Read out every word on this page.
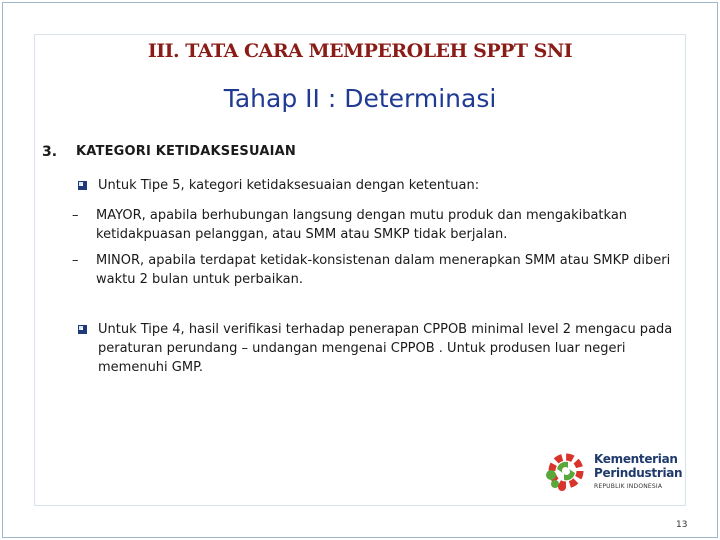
III. TATA CARA MEMPEROLEH SPPT SNI
Tahap II : Determinasi
3. KATEGORI KETIDAKSESUAIAN
Untuk Tipe 5, kategori ketidaksesuaian dengan ketentuan:
–	MAYOR, apabila berhubungan langsung dengan mutu produk dan mengakibatkan ketidakpuasan pelanggan, atau SMM atau SMKP tidak berjalan.
–	MINOR, apabila terdapat ketidak-konsistenan dalam menerapkan SMM atau SMKP diberi waktu 2 bulan untuk perbaikan.
Untuk Tipe 4, hasil verifikasi terhadap penerapan CPPOB minimal level 2 mengacu pada peraturan perundang – undangan mengenai CPPOB . Untuk produsen luar negeri memenuhi GMP.
Kementerian
Perindustrian
REPUBLIK INDONESIA
13
